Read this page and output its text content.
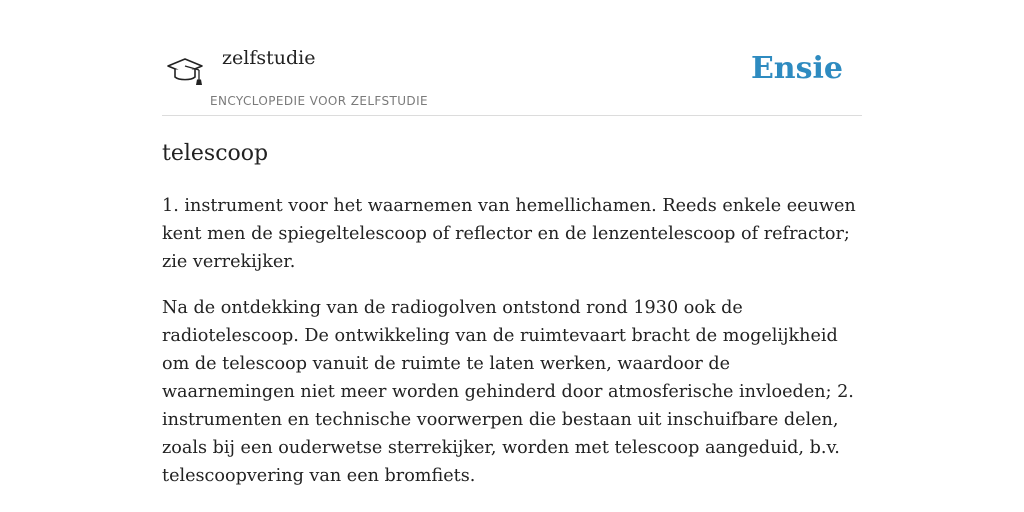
zelfstudie
ENCYCLOPEDIE VOOR ZELFSTUDIE
Ensie
telescoop

1. instrument voor het waarnemen van hemellichamen. Reeds enkele eeuwen kent men de spiegeltelescoop of reflector en de lenzentelescoop of refractor; zie verrekijker.

Na de ontdekking van de radiogolven ontstond rond 1930 ook de radiotelescoop. De ontwikkeling van de ruimtevaart bracht de mogelijkheid om de telescoop vanuit de ruimte te laten werken, waardoor de waarnemingen niet meer worden gehinderd door atmosferische invloeden; 2. instrumenten en technische voorwerpen die bestaan uit inschuifbare delen, zoals bij een ouderwetse sterrekijker, worden met telescoop aangeduid, b.v. telescoopvering van een bromfiets.
